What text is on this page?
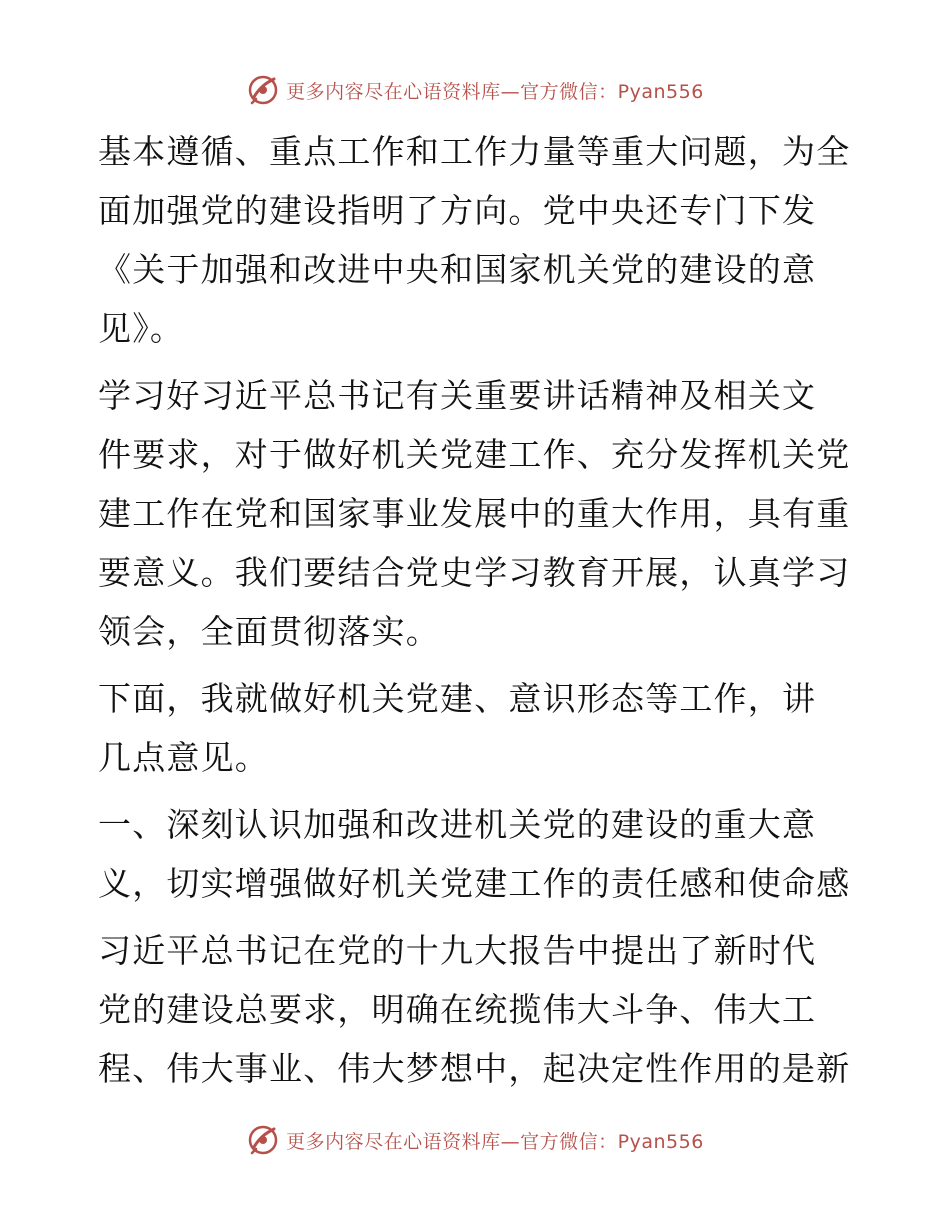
更多内容尽在心语资料库—官方微信：Pyan556

基本遵循、重点工作和工作力量等重大问题，为全
面加强党的建设指明了方向。党中央还专门下发
《关于加强和改进中央和国家机关党的建设的意
见》。

学习好习近平总书记有关重要讲话精神及相关文
件要求，对于做好机关党建工作、充分发挥机关党
建工作在党和国家事业发展中的重大作用，具有重
要意义。我们要结合党史学习教育开展，认真学习
领会，全面贯彻落实。

下面，我就做好机关党建、意识形态等工作，讲
几点意见。

一、深刻认识加强和改进机关党的建设的重大意
义，切实增强做好机关党建工作的责任感和使命感

习近平总书记在党的十九大报告中提出了新时代
党的建设总要求，明确在统揽伟大斗争、伟大工
程、伟大事业、伟大梦想中，起决定性作用的是新

更多内容尽在心语资料库—官方微信：Pyan556
